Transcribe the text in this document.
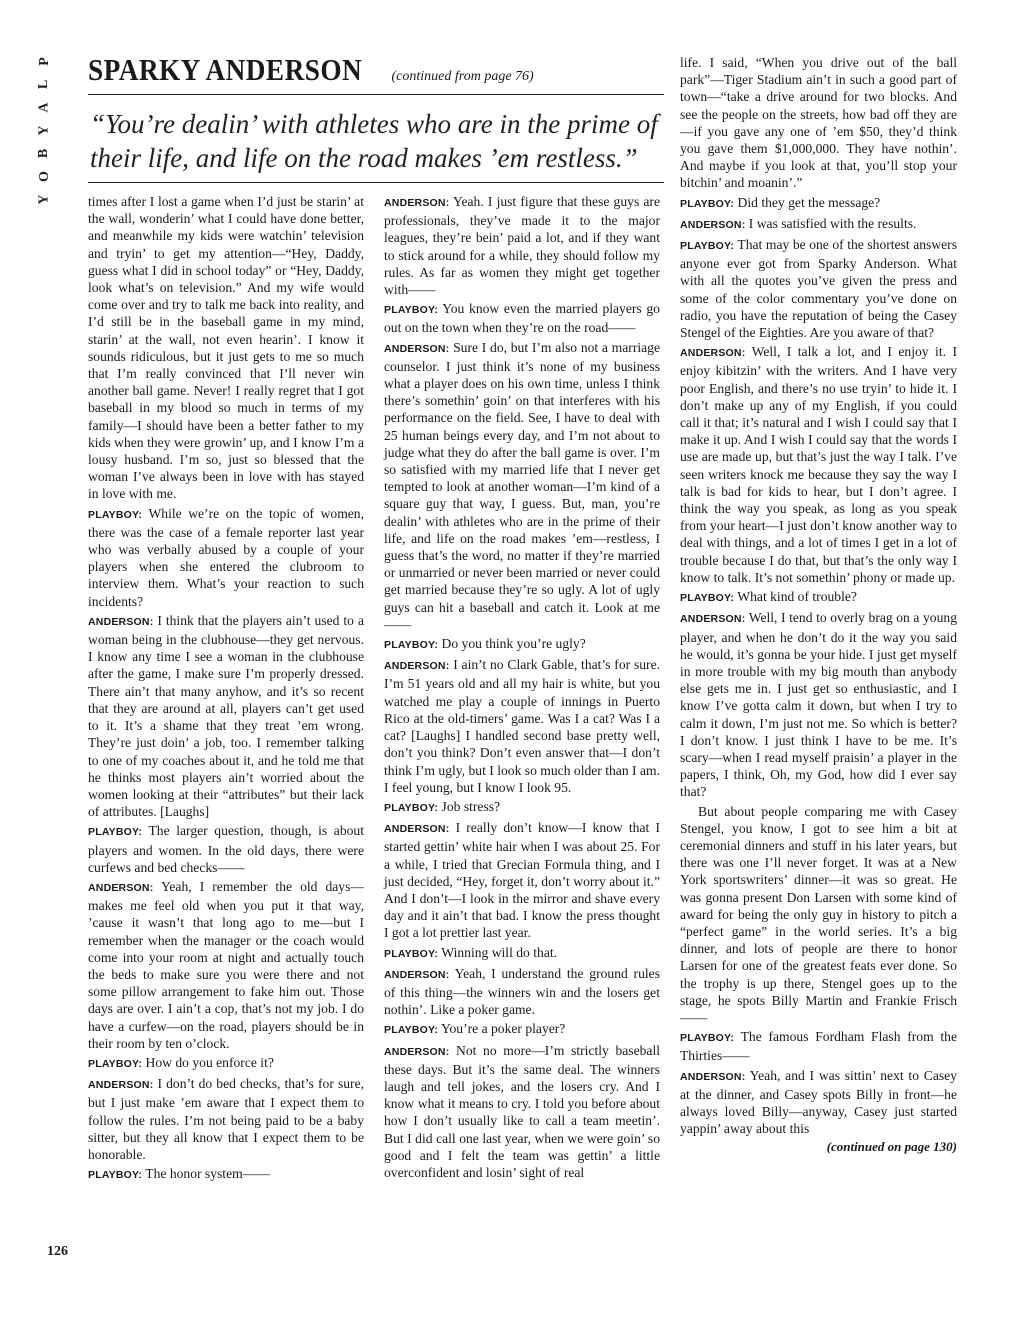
P
L
A
Y
B
O
Y
SPARKY ANDERSON (continued from page 76)

“You’re dealin’ with athletes who are in the prime of their life, and life on the road makes ’em restless.”

times after I lost a game when I’d just be starin’ at the wall, wonderin’ what I could have done better, and meanwhile my kids were watchin’ television and tryin’ to get my attention—“Hey, Daddy, guess what I did in school today” or “Hey, Daddy, look what’s on television.” And my wife would come over and try to talk me back into reality, and I’d still be in the baseball game in my mind, starin’ at the wall, not even hearin’. I know it sounds ridiculous, but it just gets to me so much that I’m really convinced that I’ll never win another ball game. Never! I really regret that I got baseball in my blood so much in terms of my family—I should have been a better father to my kids when they were growin’ up, and I know I’m a lousy husband. I’m so, just so blessed that the woman I’ve always been in love with has stayed in love with me.

PLAYBOY: While we’re on the topic of women, there was the case of a female reporter last year who was verbally abused by a couple of your players when she entered the clubroom to interview them. What’s your reaction to such incidents?

ANDERSON: I think that the players ain’t used to a woman being in the clubhouse—they get nervous. I know any time I see a woman in the clubhouse after the game, I make sure I’m properly dressed. There ain’t that many anyhow, and it’s so recent that they are around at all, players can’t get used to it. It’s a shame that they treat ’em wrong. They’re just doin’ a job, too. I remember talking to one of my coaches about it, and he told me that he thinks most players ain’t worried about the women looking at their “attributes” but their lack of attributes. [Laughs]

PLAYBOY: The larger question, though, is about players and women. In the old days, there were curfews and bed checks——

ANDERSON: Yeah, I remember the old days—makes me feel old when you put it that way, ’cause it wasn’t that long ago to me—but I remember when the manager or the coach would come into your room at night and actually touch the beds to make sure you were there and not some pillow arrangement to fake him out. Those days are over. I ain’t a cop, that’s not my job. I do have a curfew—on the road, players should be in their room by ten o’clock.

PLAYBOY: How do you enforce it?

ANDERSON: I don’t do bed checks, that’s for sure, but I just make ’em aware that I expect them to follow the rules. I’m not being paid to be a baby sitter, but they all know that I expect them to be honorable.

PLAYBOY: The honor system——

ANDERSON: Yeah. I just figure that these guys are professionals, they’ve made it to the major leagues, they’re bein’ paid a lot, and if they want to stick around for a while, they should follow my rules. As far as women they might get together with——

PLAYBOY: You know even the married players go out on the town when they’re on the road——

ANDERSON: Sure I do, but I’m also not a marriage counselor. I just think it’s none of my business what a player does on his own time, unless I think there’s somethin’ goin’ on that interferes with his performance on the field. See, I have to deal with 25 human beings every day, and I’m not about to judge what they do after the ball game is over. I’m so satisfied with my married life that I never get tempted to look at another woman—I’m kind of a square guy that way, I guess. But, man, you’re dealin’ with athletes who are in the prime of their life, and life on the road makes ’em—restless, I guess that’s the word, no matter if they’re married or unmarried or never been married or never could get married because they’re so ugly. A lot of ugly guys can hit a baseball and catch it. Look at me——

PLAYBOY: Do you think you’re ugly?

ANDERSON: I ain’t no Clark Gable, that’s for sure. I’m 51 years old and all my hair is white, but you watched me play a couple of innings in Puerto Rico at the old-timers’ game. Was I a cat? Was I a cat? [Laughs] I handled second base pretty well, don’t you think? Don’t even answer that—I don’t think I’m ugly, but I look so much older than I am. I feel young, but I know I look 95.

PLAYBOY: Job stress?

ANDERSON: I really don’t know—I know that I started gettin’ white hair when I was about 25. For a while, I tried that Grecian Formula thing, and I just decided, “Hey, forget it, don’t worry about it.” And I don’t—I look in the mirror and shave every day and it ain’t that bad. I know the press thought I got a lot prettier last year.

PLAYBOY: Winning will do that.

ANDERSON: Yeah, I understand the ground rules of this thing—the winners win and the losers get nothin’. Like a poker game.

PLAYBOY: You’re a poker player?

ANDERSON: Not no more—I’m strictly baseball these days. But it’s the same deal. The winners laugh and tell jokes, and the losers cry. And I know what it means to cry. I told you before about how I don’t usually like to call a team meetin’. But I did call one last year, when we were goin’ so good and I felt the team was gettin’ a little overconfident and losin’ sight of real

life. I said, “When you drive out of the ball park”—Tiger Stadium ain’t in such a good part of town—“take a drive around for two blocks. And see the people on the streets, how bad off they are—if you gave any one of ’em $50, they’d think you gave them $1,000,000. They have nothin’. And maybe if you look at that, you’ll stop your bitchin’ and moanin’.”

PLAYBOY: Did they get the message?

ANDERSON: I was satisfied with the results.

PLAYBOY: That may be one of the shortest answers anyone ever got from Sparky Anderson. What with all the quotes you’ve given the press and some of the color commentary you’ve done on radio, you have the reputation of being the Casey Stengel of the Eighties. Are you aware of that?

ANDERSON: Well, I talk a lot, and I enjoy it. I enjoy kibitzin’ with the writers. And I have very poor English, and there’s no use tryin’ to hide it. I don’t make up any of my English, if you could call it that; it’s natural and I wish I could say that I make it up. And I wish I could say that the words I use are made up, but that’s just the way I talk. I’ve seen writers knock me because they say the way I talk is bad for kids to hear, but I don’t agree. I think the way you speak, as long as you speak from your heart—I just don’t know another way to deal with things, and a lot of times I get in a lot of trouble because I do that, but that’s the only way I know to talk. It’s not somethin’ phony or made up.

PLAYBOY: What kind of trouble?

ANDERSON: Well, I tend to overly brag on a young player, and when he don’t do it the way you said he would, it’s gonna be your hide. I just get myself in more trouble with my big mouth than anybody else gets me in. I just get so enthusiastic, and I know I’ve gotta calm it down, but when I try to calm it down, I’m just not me. So which is better? I don’t know. I just think I have to be me. It’s scary—when I read myself praisin’ a player in the papers, I think, Oh, my God, how did I ever say that?

But about people comparing me with Casey Stengel, you know, I got to see him a bit at ceremonial dinners and stuff in his later years, but there was one I’ll never forget. It was at a New York sportswriters’ dinner—it was so great. He was gonna present Don Larsen with some kind of award for being the only guy in history to pitch a “perfect game” in the world series. It’s a big dinner, and lots of people are there to honor Larsen for one of the greatest feats ever done. So the trophy is up there, Stengel goes up to the stage, he spots Billy Martin and Frankie Frisch——

PLAYBOY: The famous Fordham Flash from the Thirties——

ANDERSON: Yeah, and I was sittin’ next to Casey at the dinner, and Casey spots Billy in front—he always loved Billy—anyway, Casey just started yappin’ away about this

(continued on page 130)
126
